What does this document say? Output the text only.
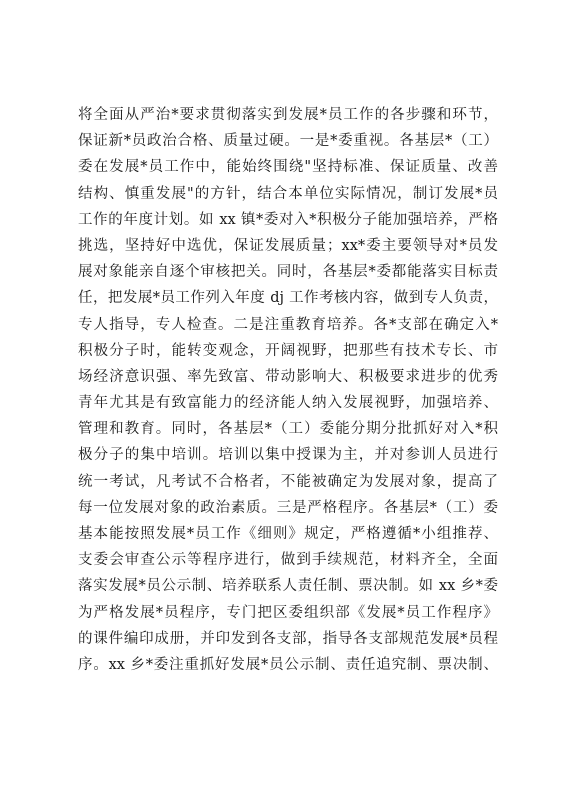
将全面从严治*要求贯彻落实到发展*员工作的各步骤和环节，
保证新*员政治合格、质量过硬。一是*委重视。各基层*（工）
委在发展*员工作中，能始终围绕"坚持标准、保证质量、改善
结构、慎重发展"的方针，结合本单位实际情况，制订发展*员
工作的年度计划。如 xx 镇*委对入*积极分子能加强培养，严格
挑选，坚持好中选优，保证发展质量；xx*委主要领导对*员发
展对象能亲自逐个审核把关。同时，各基层*委都能落实目标责
任，把发展*员工作列入年度 dj 工作考核内容，做到专人负责，
专人指导，专人检查。二是注重教育培养。各*支部在确定入*
积极分子时，能转变观念，开阔视野，把那些有技术专长、市
场经济意识强、率先致富、带动影响大、积极要求进步的优秀
青年尤其是有致富能力的经济能人纳入发展视野，加强培养、
管理和教育。同时，各基层*（工）委能分期分批抓好对入*积
极分子的集中培训。培训以集中授课为主，并对参训人员进行
统一考试，凡考试不合格者，不能被确定为发展对象，提高了
每一位发展对象的政治素质。三是严格程序。各基层*（工）委
基本能按照发展*员工作《细则》规定，严格遵循*小组推荐、
支委会审查公示等程序进行，做到手续规范，材料齐全，全面
落实发展*员公示制、培养联系人责任制、票决制。如 xx 乡*委
为严格发展*员程序，专门把区委组织部《发展*员工作程序》
的课件编印成册，并印发到各支部，指导各支部规范发展*员程
序。xx 乡*委注重抓好发展*员公示制、责任追究制、票决制、
